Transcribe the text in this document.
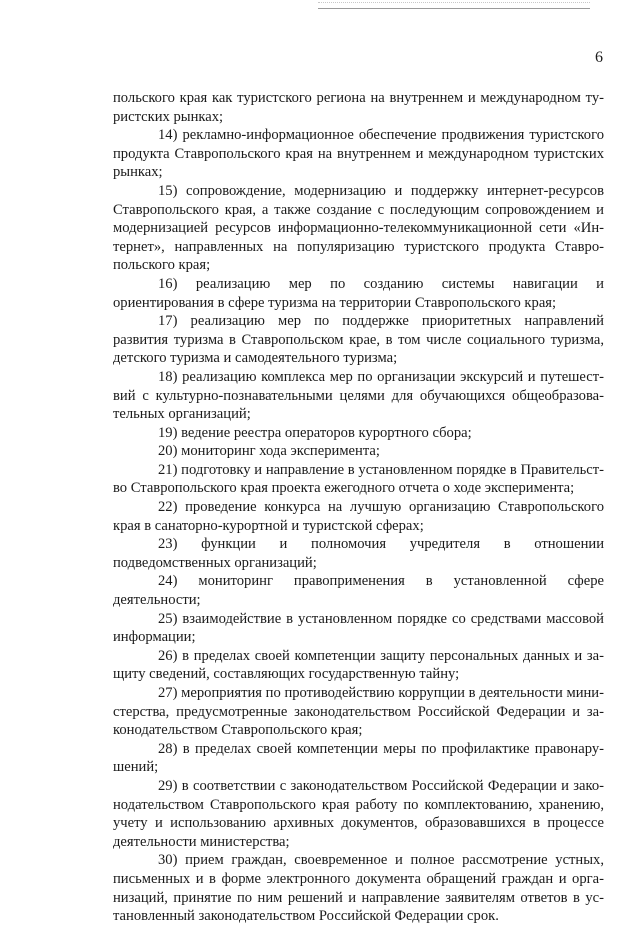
6

польского края как туристского региона на внутреннем и международном туристских рынках;

14) рекламно-информационное обеспечение продвижения туристского продукта Ставропольского края на внутреннем и международном туристских рынках;

15) сопровождение, модернизацию и поддержку интернет-ресурсов Ставропольского края, а также создание с последующим сопровождением и модернизацией ресурсов информационно-телекоммуникационной сети «Интернет», направленных на популяризацию туристского продукта Ставропольского края;

16) реализацию мер по созданию системы навигации и ориентирования в сфере туризма на территории Ставропольского края;

17) реализацию мер по поддержке приоритетных направлений развития туризма в Ставропольском крае, в том числе социального туризма, детского туризма и самодеятельного туризма;

18) реализацию комплекса мер по организации экскурсий и путешествий с культурно-познавательными целями для обучающихся общеобразовательных организаций;

19) ведение реестра операторов курортного сбора;

20) мониторинг хода эксперимента;

21) подготовку и направление в установленном порядке в Правительство Ставропольского края проекта ежегодного отчета о ходе эксперимента;

22) проведение конкурса на лучшую организацию Ставропольского края в санаторно-курортной и туристской сферах;

23) функции и полномочия учредителя в отношении подведомственных организаций;

24) мониторинг правоприменения в установленной сфере деятельности;

25) взаимодействие в установленном порядке со средствами массовой информации;

26) в пределах своей компетенции защиту персональных данных и защиту сведений, составляющих государственную тайну;

27) мероприятия по противодействию коррупции в деятельности министерства, предусмотренные законодательством Российской Федерации и законодательством Ставропольского края;

28) в пределах своей компетенции меры по профилактике правонарушений;

29) в соответствии с законодательством Российской Федерации и законодательством Ставропольского края работу по комплектованию, хранению, учету и использованию архивных документов, образовавшихся в процессе деятельности министерства;

30) прием граждан, своевременное и полное рассмотрение устных, письменных и в форме электронного документа обращений граждан и организаций, принятие по ним решений и направление заявителям ответов в установленный законодательством Российской Федерации срок.
